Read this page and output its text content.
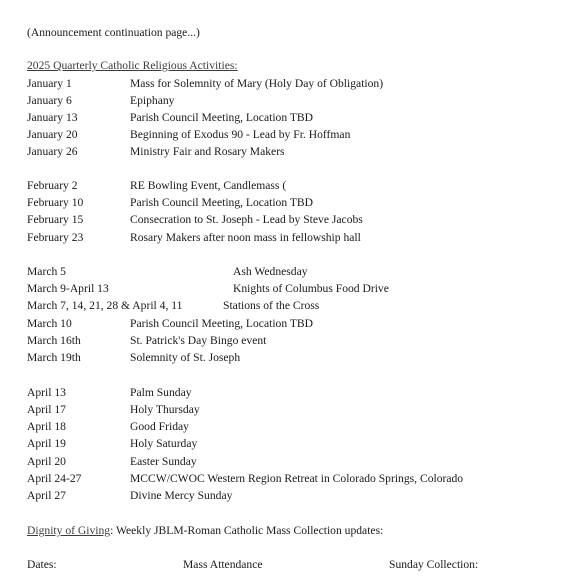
(Announcement continuation page...)
2025 Quarterly Catholic Religious Activities:
January 1	Mass for Solemnity of Mary (Holy Day of Obligation)
January 6	Epiphany
January 13	Parish Council Meeting, Location TBD
January 20	Beginning of Exodus 90 - Lead by Fr. Hoffman
January 26	Ministry Fair and Rosary Makers
February 2	RE Bowling Event, Candlemass (
February 10	Parish Council Meeting, Location TBD
February 15	Consecration to St. Joseph - Lead by Steve Jacobs
February 23	Rosary Makers after noon mass in fellowship hall
March 5	Ash Wednesday
March 9-April 13	Knights of Columbus Food Drive
March 7, 14, 21, 28 & April 4, 11	Stations of the Cross
March 10	Parish Council Meeting, Location TBD
March 16th	St. Patrick's Day Bingo event
March 19th	Solemnity of St. Joseph
April 13	Palm Sunday
April 17	Holy Thursday
April 18	Good Friday
April 19	Holy Saturday
April 20	Easter Sunday
April 24-27	MCCW/CWOC Western Region Retreat in Colorado Springs, Colorado
April 27	Divine Mercy Sunday
Dignity of Giving: Weekly JBLM-Roman Catholic Mass Collection updates:
Dates:	Mass Attendance	Sunday Collection:
